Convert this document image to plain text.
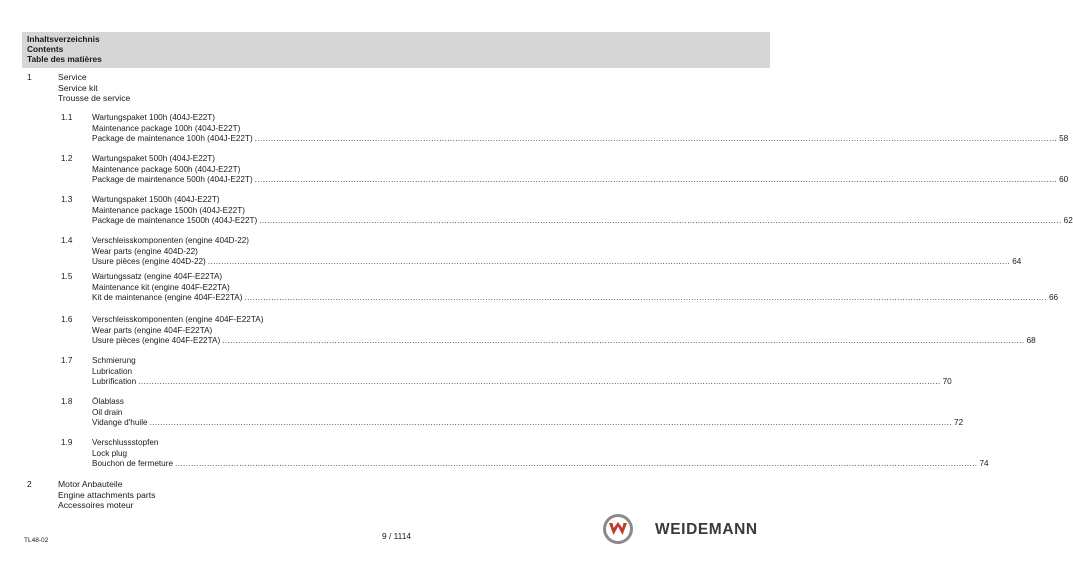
Inhaltsverzeichnis
Contents
Table des matières
1	Service
Service kit
Trousse de service
1.1 Wartungspaket 100h (404J-E22T)
Maintenance package 100h (404J-E22T)
Package de maintenance 100h (404J-E22T) ............................................................................................................................................................................................................................................................................................................ 58
1.2 Wartungspaket 500h (404J-E22T)
Maintenance package 500h (404J-E22T)
Package de maintenance 500h (404J-E22T) ............................................................................................................................................................................................................................................................................................................ 60
1.3 Wartungspaket 1500h (404J-E22T)
Maintenance package 1500h (404J-E22T)
Package de maintenance 1500h (404J-E22T) ............................................................................................................................................................................................................................................................................................................ 62
1.4 Verschleisskomponenten (engine 404D-22)
Wear parts (engine 404D-22)
Usure pièces (engine 404D-22) ............................................................................................................................................................................................................................................................................................................ 64
1.5 Wartungssatz (engine 404F-E22TA)
Maintenance kit (engine 404F-E22TA)
Kit de maintenance (engine 404F-E22TA) ............................................................................................................................................................................................................................................................................................................ 66
1.6 Verschleisskomponenten (engine 404F-E22TA)
Wear parts (engine 404F-E22TA)
Usure pièces (engine 404F-E22TA) ............................................................................................................................................................................................................................................................................................................ 68
1.7 Schmierung
Lubrication
Lubrification ............................................................................................................................................................................................................................................................................................................ 70
1.8 Ölablass
Oil drain
Vidange d'huile ............................................................................................................................................................................................................................................................................................................ 72
1.9 Verschlussstopfen
Lock plug
Bouchon de fermeture ............................................................................................................................................................................................................................................................................................................ 74
2	Motor Anbauteile
Engine attachments parts
Accessoires moteur
TL48-02	9 / 1114	WEIDEMANN
